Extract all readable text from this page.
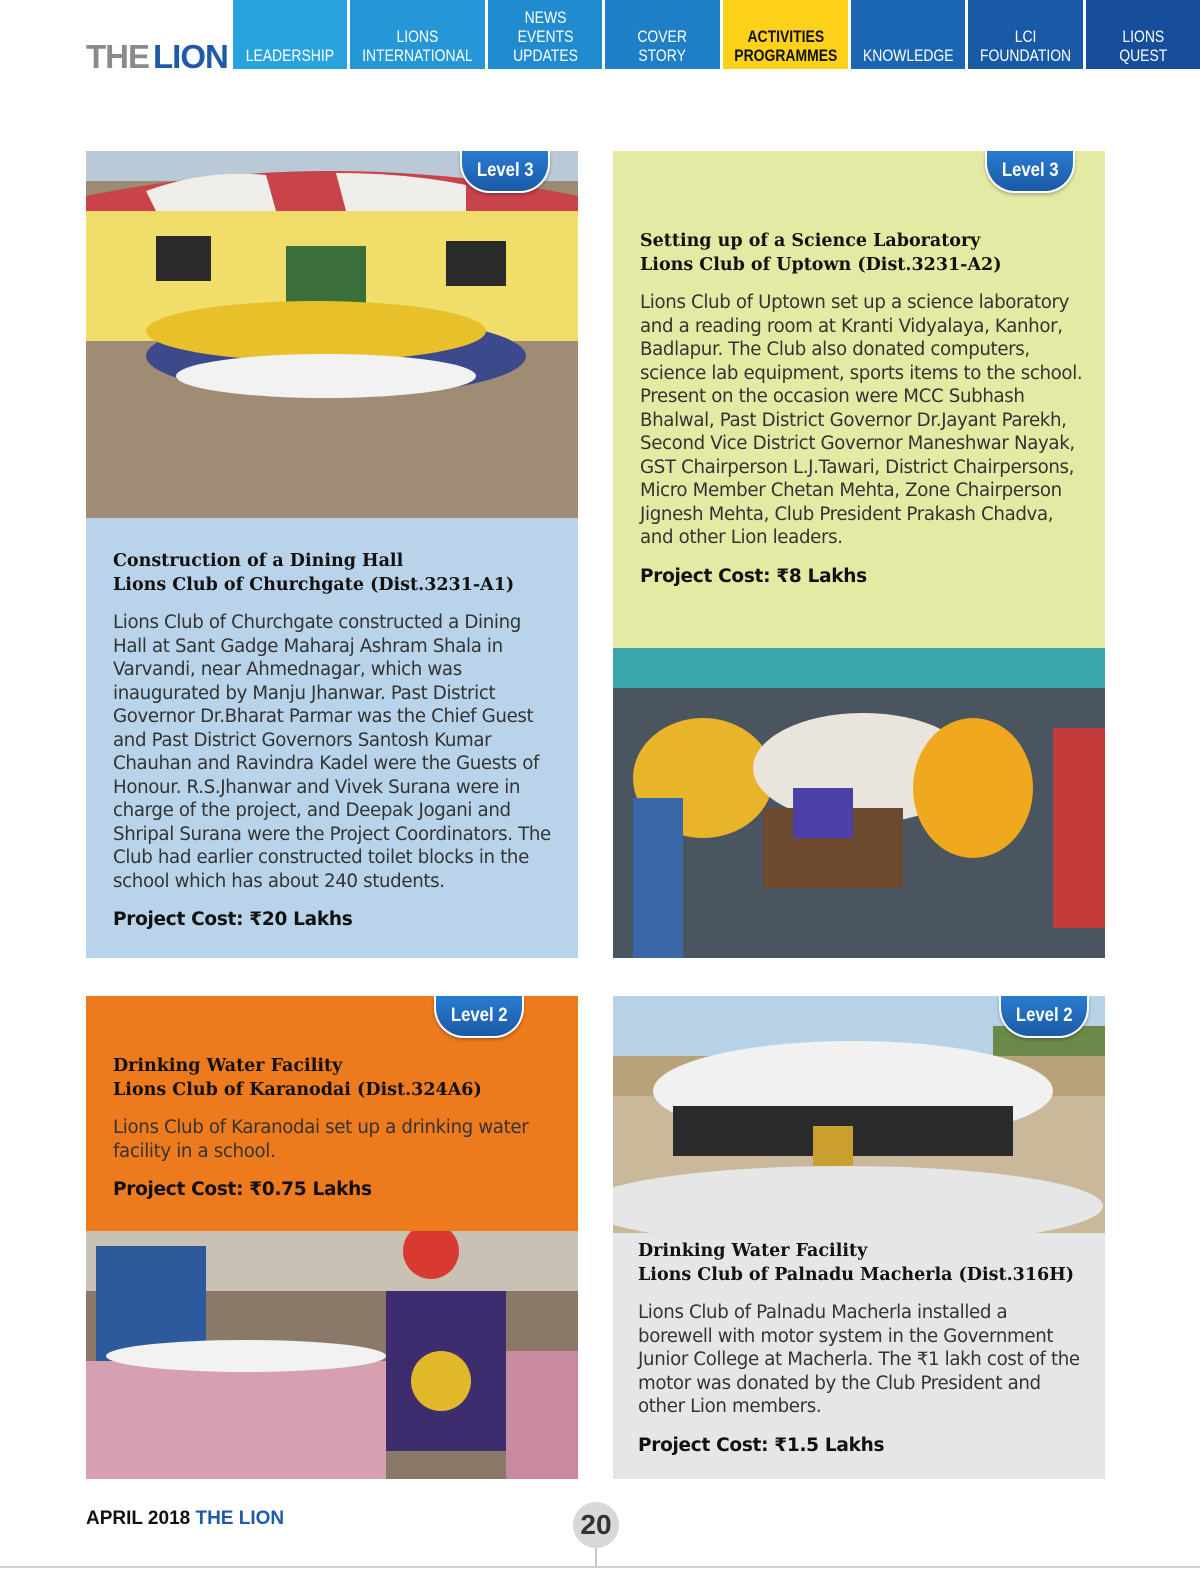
THE LION LEADERSHIP
LIONS
INTERNATIONAL
NEWS
EVENTS
UPDATES
COVER STORY
ACTIVITIES
PROGRAMMES KNOWLEDGE
LCI
FOUNDATION
LIONS
QUEST
Level 3
Construction of a Dining Hall
Lions Club of Churchgate (Dist.3231-A1)
Lions Club of Churchgate constructed a Dining Hall at Sant Gadge Maharaj Ashram Shala in Varvandi, near Ahmednagar, which was inaugurated by Manju Jhanwar. Past District Governor Dr.Bharat Parmar was the Chief Guest and Past District Governors Santosh Kumar Chauhan and Ravindra Kadel were the Guests of Honour. R.S.Jhanwar and Vivek Surana were in charge of the project, and Deepak Jogani and Shripal Surana were the Project Coordinators. The Club had earlier constructed toilet blocks in the school which has about 240 students.
Project Cost: ₹20 Lakhs
Level 3
Setting up of a Science Laboratory
Lions Club of Uptown (Dist.3231-A2)
Lions Club of Uptown set up a science laboratory and a reading room at Kranti Vidyalaya, Kanhor, Badlapur. The Club also donated computers, science lab equipment, sports items to the school. Present on the occasion were MCC Subhash Bhalwal, Past District Governor Dr.Jayant Parekh, Second Vice District Governor Maneshwar Nayak, GST Chairperson L.J.Tawari, District Chairpersons, Micro Member Chetan Mehta, Zone Chairperson Jignesh Mehta, Club President Prakash Chadva, and other Lion leaders.
Project Cost: ₹8 Lakhs
Level 2
Drinking Water Facility
Lions Club of Karanodai (Dist.324A6)
Lions Club of Karanodai set up a drinking water facility in a school.
Project Cost: ₹0.75 Lakhs
Level 2
Drinking Water Facility
Lions Club of Palnadu Macherla (Dist.316H)
Lions Club of Palnadu Macherla installed a borewell with motor system in the Government Junior College at Macherla. The ₹1 lakh cost of the motor was donated by the Club President and other Lion members.
Project Cost: ₹1.5 Lakhs
APRIL 2018 THE LION	20
